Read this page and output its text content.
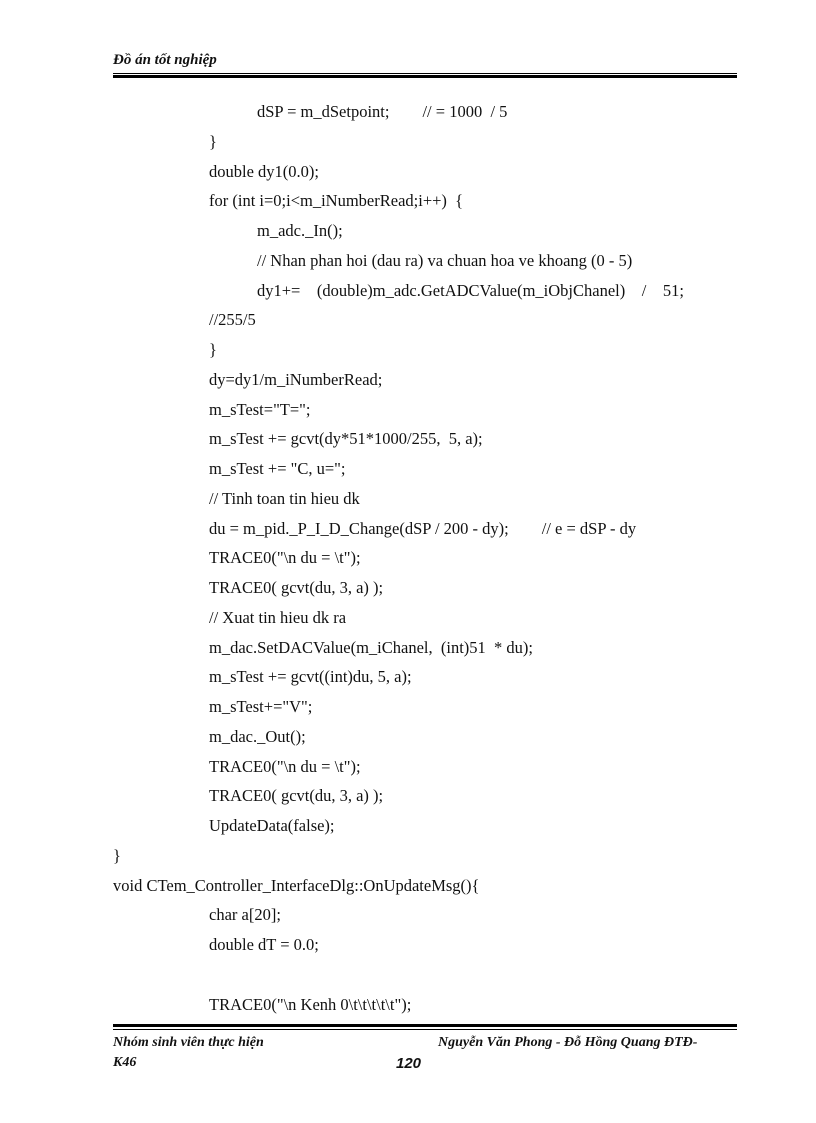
Đồ án tốt nghiệp
dSP = m_dSetpoint;        // = 1000  / 5
}
double dy1(0.0);
for (int i=0;i<m_iNumberRead;i++)  {
m_adc._In();
// Nhan phan hoi (dau ra) va chuan hoa ve khoang (0 - 5)
dy1+=    (double)m_adc.GetADCValue(m_iObjChanel)    /    51;
//255/5
}
dy=dy1/m_iNumberRead;
m_sTest="T=";
m_sTest += gcvt(dy*51*1000/255,  5, a);
m_sTest += "C, u=";
// Tinh toan tin hieu dk
du = m_pid._P_I_D_Change(dSP / 200 - dy);        // e = dSP - dy
TRACE0("\n du = \t");
TRACE0( gcvt(du, 3, a) );
// Xuat tin hieu dk ra
m_dac.SetDACValue(m_iChanel,  (int)51  * du);
m_sTest += gcvt((int)du, 5, a);
m_sTest+="V";
m_dac._Out();
TRACE0("\n du = \t");
TRACE0( gcvt(du, 3, a) );
UpdateData(false);
}
void CTem_Controller_InterfaceDlg::OnUpdateMsg(){
char a[20];
double dT = 0.0;
TRACE0("\n Kenh 0\t\t\t\t\t");
Nhóm sinh viên thực hiện
K46
Nguyễn Văn Phong - Đỗ Hồng Quang ĐTĐ-
120
